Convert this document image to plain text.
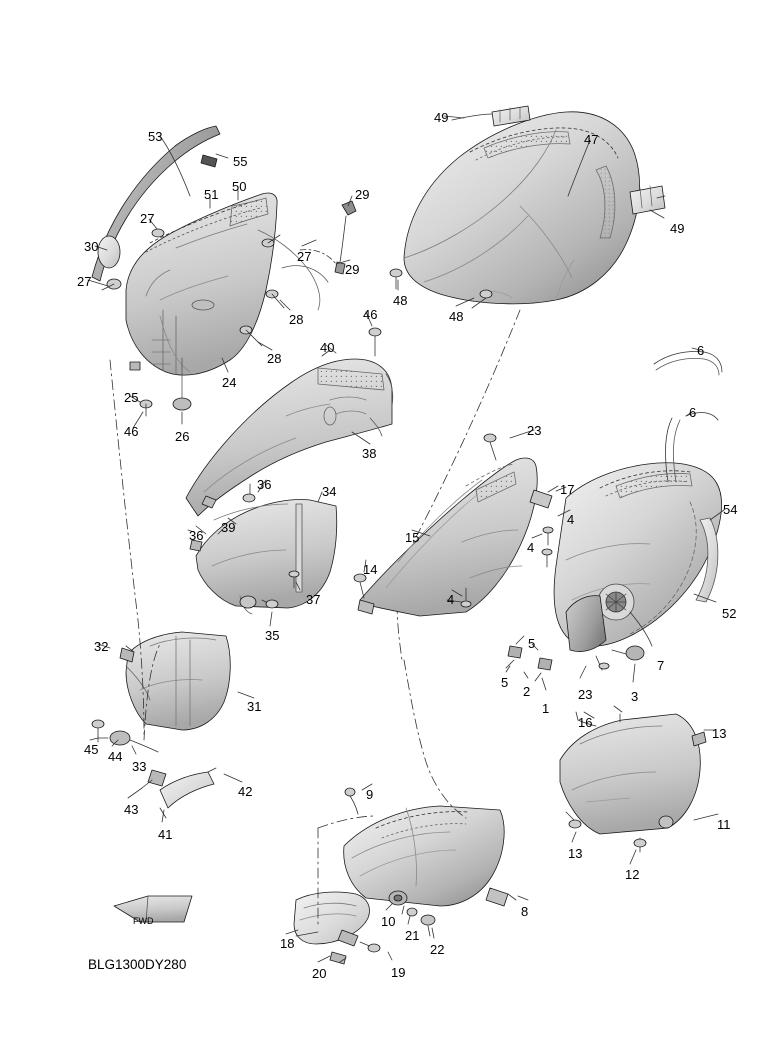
53
55
51
50
29
49
47
49
27
30
27
27
29
48
48
28
28
46
40	6
24
25
6
46	26
38
23
17
54
36	34
4
15
36
39
4
52
14
37
35
4
7
5
5
2
1
23	3
32
31
16
13
45 44
33
42
43
41
9
13
11
12
8
10
21
22
18
19
20
FWD
BLG1300DY280
